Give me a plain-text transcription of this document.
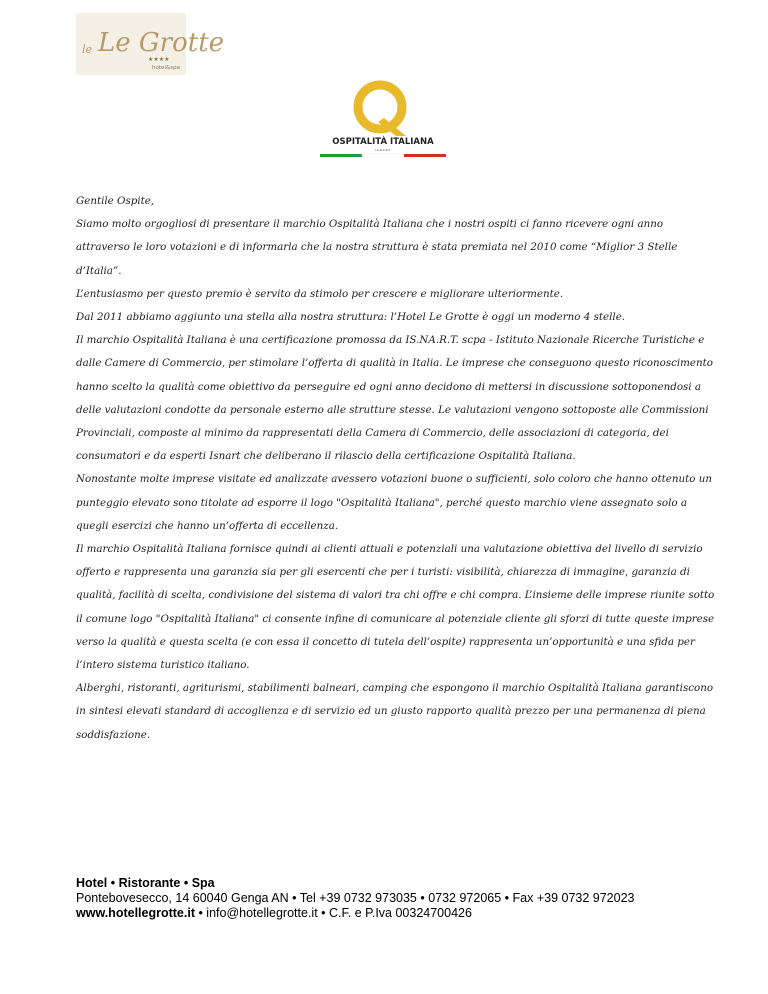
le Le Grotte
★★★★
hotel&spa
OSPITALITÀ ITALIANA
I.S.N.A.R.T.

Gentile Ospite,

Siamo molto orgogliosi di presentare il marchio Ospitalità Italiana che i nostri ospiti ci fanno ricevere ogni anno attraverso le loro votazioni e di informarla che la nostra struttura è stata premiata nel 2010 come “Miglior 3 Stelle d’Italia”.

L’entusiasmo per questo premio è servito da stimolo per crescere e migliorare ulteriormente.

Dal 2011 abbiamo aggiunto una stella alla nostra struttura: l’Hotel Le Grotte è oggi un moderno 4 stelle.

Il marchio Ospitalità Italiana è una certificazione promossa da IS.NA.R.T. scpa - Istituto Nazionale Ricerche Turistiche e dalle Camere di Commercio, per stimolare l’offerta di qualità in Italia. Le imprese che conseguono questo riconoscimento hanno scelto la qualità come obiettivo da perseguire ed ogni anno decidono di mettersi in discussione sottoponendosi a delle valutazioni condotte da personale esterno alle strutture stesse. Le valutazioni vengono sottoposte alle Commissioni Provinciali, composte al minimo da rappresentati della Camera di Commercio, delle associazioni di categoria, dei consumatori e da esperti Isnart che deliberano il rilascio della certificazione Ospitalità Italiana.

Nonostante molte imprese visitate ed analizzate avessero votazioni buone o sufficienti, solo coloro che hanno ottenuto un punteggio elevato sono titolate ad esporre il logo "Ospitalità Italiana", perché questo marchio viene assegnato solo a quegli esercizi che hanno un’offerta di eccellenza.

Il marchio Ospitalità Italiana fornisce quindi ai clienti attuali e potenziali una valutazione obiettiva del livello di servizio offerto e rappresenta una garanzia sia per gli esercenti che per i turisti: visibilità, chiarezza di immagine, garanzia di qualità, facilità di scelta, condivisione del sistema di valori tra chi offre e chi compra. L’insieme delle imprese riunite sotto il comune logo "Ospitalità Italiana" ci consente infine di comunicare al potenziale cliente gli sforzi di tutte queste imprese verso la qualità e questa scelta (e con essa il concetto di tutela dell’ospite) rappresenta un’opportunità e una sfida per l’intero sistema turistico italiano.

Alberghi, ristoranti, agriturismi, stabilimenti balneari, camping che espongono il marchio Ospitalità Italiana garantiscono in sintesi elevati standard di accoglienza e di servizio ed un giusto rapporto qualità prezzo per una permanenza di piena soddisfazione.

Hotel • Ristorante • Spa
Pontebovesecco, 14 60040 Genga AN • Tel +39 0732 973035 • 0732 972065 • Fax +39 0732 972023
www.hotellegrotte.it • info@hotellegrotte.it • C.F. e P.Iva 00324700426
